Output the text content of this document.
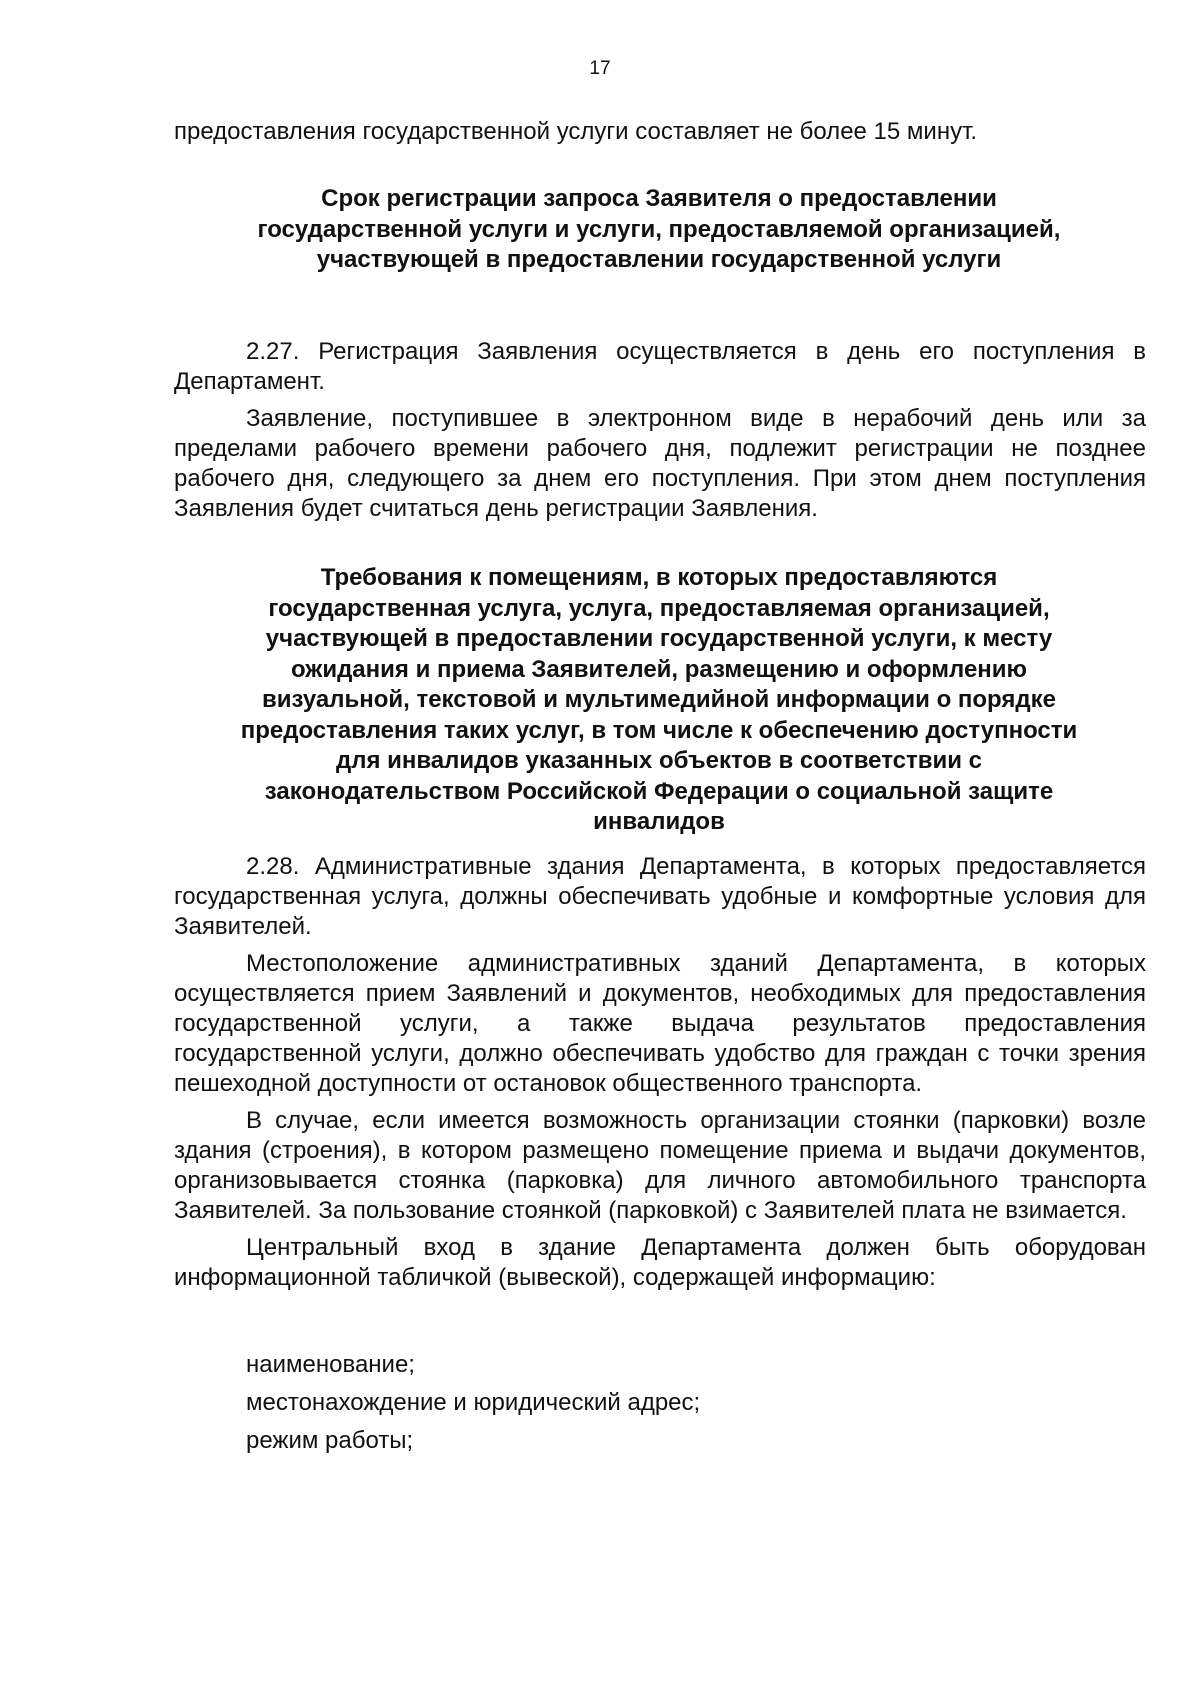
17

предоставления государственной услуги составляет не более 15 минут.

Срок регистрации запроса Заявителя о предоставлении государственной услуги и услуги, предоставляемой организацией, участвующей в предоставлении государственной услуги

2.27. Регистрация Заявления осуществляется в день его поступления в Департамент.

Заявление, поступившее в электронном виде в нерабочий день или за пределами рабочего времени рабочего дня, подлежит регистрации не позднее рабочего дня, следующего за днем его поступления. При этом днем поступления Заявления будет считаться день регистрации Заявления.

Требования к помещениям, в которых предоставляются государственная услуга, услуга, предоставляемая организацией, участвующей в предоставлении государственной услуги, к месту ожидания и приема Заявителей, размещению и оформлению визуальной, текстовой и мультимедийной информации о порядке предоставления таких услуг, в том числе к обеспечению доступности для инвалидов указанных объектов в соответствии с законодательством Российской Федерации о социальной защите инвалидов

2.28. Административные здания Департамента, в которых предоставляется государственная услуга, должны обеспечивать удобные и комфортные условия для Заявителей.

Местоположение административных зданий Департамента, в которых осуществляется прием Заявлений и документов, необходимых для предоставления государственной услуги, а также выдача результатов предоставления государственной услуги, должно обеспечивать удобство для граждан с точки зрения пешеходной доступности от остановок общественного транспорта.

В случае, если имеется возможность организации стоянки (парковки) возле здания (строения), в котором размещено помещение приема и выдачи документов, организовывается стоянка (парковка) для личного автомобильного транспорта Заявителей. За пользование стоянкой (парковкой) с Заявителей плата не взимается.

Центральный вход в здание Департамента должен быть оборудован информационной табличкой (вывеской), содержащей информацию:

наименование;
местонахождение и юридический адрес;
режим работы;
